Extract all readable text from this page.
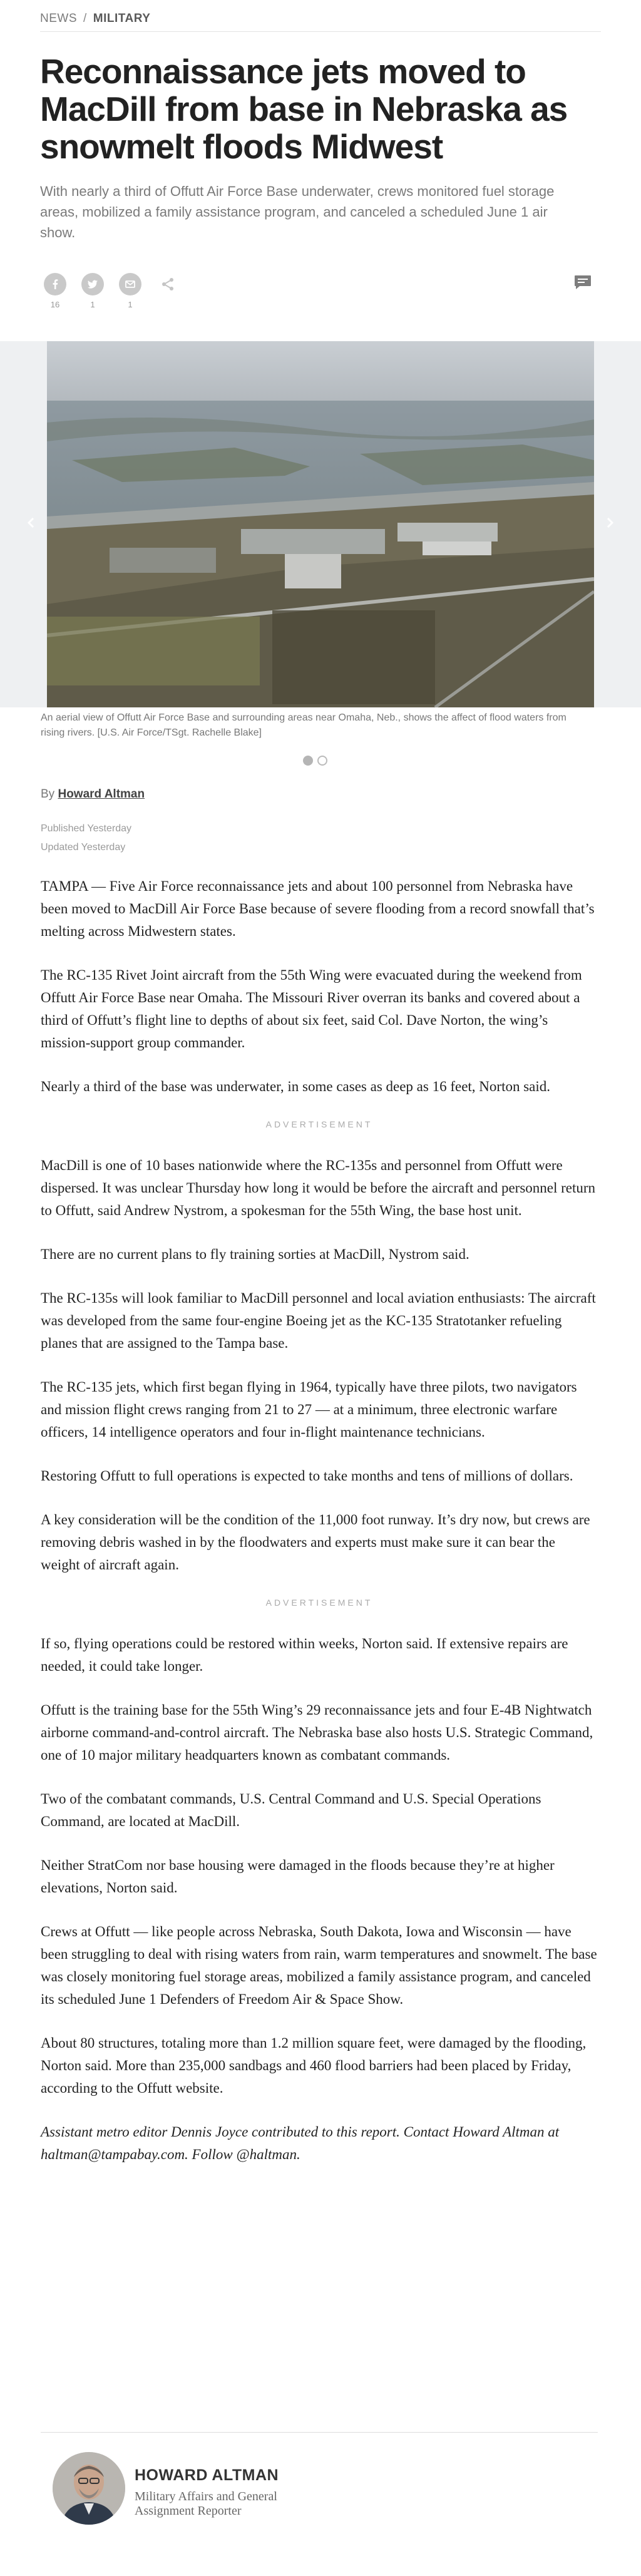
NEWS / MILITARY
Reconnaissance jets moved to MacDill from base in Nebraska as snowmelt floods Midwest
With nearly a third of Offutt Air Force Base underwater, crews monitored fuel storage areas, mobilized a family assistance program, and canceled a scheduled June 1 air show.
16	1	1
An aerial view of Offutt Air Force Base and surrounding areas near Omaha, Neb., shows the affect of flood waters from rising rivers. [U.S. Air Force/TSgt. Rachelle Blake]
By Howard Altman
Published Yesterday
Updated Yesterday

TAMPA — Five Air Force reconnaissance jets and about 100 personnel from Nebraska have been moved to MacDill Air Force Base because of severe flooding from a record snowfall that’s melting across Midwestern states.

The RC-135 Rivet Joint aircraft from the 55th Wing were evacuated during the weekend from Offutt Air Force Base near Omaha. The Missouri River overran its banks and covered about a third of Offutt’s flight line to depths of about six feet, said Col. Dave Norton, the wing’s mission-support group commander.

Nearly a third of the base was underwater, in some cases as deep as 16 feet, Norton said.

ADVERTISEMENT

MacDill is one of 10 bases nationwide where the RC-135s and personnel from Offutt were dispersed. It was unclear Thursday how long it would be before the aircraft and personnel return to Offutt, said Andrew Nystrom, a spokesman for the 55th Wing, the base host unit.

There are no current plans to fly training sorties at MacDill, Nystrom said.

The RC-135s will look familiar to MacDill personnel and local aviation enthusiasts: The aircraft was developed from the same four-engine Boeing jet as the KC-135 Stratotanker refueling planes that are assigned to the Tampa base.

The RC-135 jets, which first began flying in 1964, typically have three pilots, two navigators and mission flight crews ranging from 21 to 27 — at a minimum, three electronic warfare officers, 14 intelligence operators and four in-flight maintenance technicians.

Restoring Offutt to full operations is expected to take months and tens of millions of dollars.

A key consideration will be the condition of the 11,000 foot runway. It’s dry now, but crews are removing debris washed in by the floodwaters and experts must make sure it can bear the weight of aircraft again.

ADVERTISEMENT

If so, flying operations could be restored within weeks, Norton said. If extensive repairs are needed, it could take longer.

Offutt is the training base for the 55th Wing’s 29 reconnaissance jets and four E-4B Nightwatch airborne command-and-control aircraft. The Nebraska base also hosts U.S. Strategic Command, one of 10 major military headquarters known as combatant commands.

Two of the combatant commands, U.S. Central Command and U.S. Special Operations Command, are located at MacDill.

Neither StratCom nor base housing were damaged in the floods because they’re at higher elevations, Norton said.

Crews at Offutt — like people across Nebraska, South Dakota, Iowa and Wisconsin — have been struggling to deal with rising waters from rain, warm temperatures and snowmelt. The base was closely monitoring fuel storage areas, mobilized a family assistance program, and canceled its scheduled June 1 Defenders of Freedom Air & Space Show.

About 80 structures, totaling more than 1.2 million square feet, were damaged by the flooding, Norton said. More than 235,000 sandbags and 460 flood barriers had been placed by Friday, according to the Offutt website.

Assistant metro editor Dennis Joyce contributed to this report. Contact Howard Altman at haltman@tampabay.com. Follow @haltman.

HOWARD ALTMAN
Military Affairs and General Assignment Reporter
